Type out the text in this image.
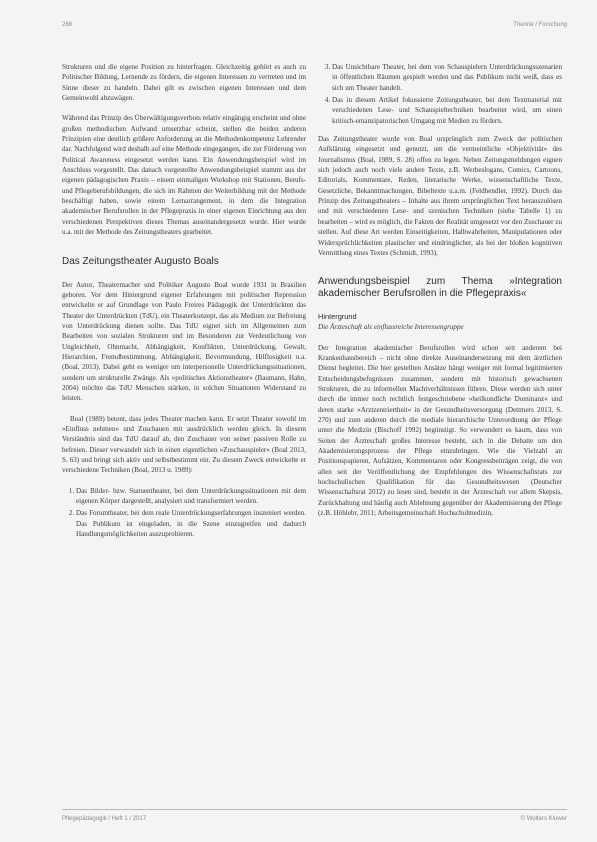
268	Theorie / Forschung

Strukturen und die eigene Position zu hinterfragen. Gleichzeitig gehört es auch zu Politischer Bildung, Lernende zu fördern, die eigenen Interessen zu vertreten und im Sinne dieser zu handeln. Dabei gilt es zwischen eigenen Interessen und dem Gemeinwohl abzuwägen.

Während das Prinzip des Überwältigungsverbots relativ eingängig erscheint und ohne großen methodischen Aufwand umsetzbar scheint, stellen die beiden anderen Prinzipien eine deutlich größere Anforderung an die Methodenkompetenz Lehrender dar. Nachfolgend wird deshalb auf eine Methode eingegangen, die zur Förderung von Political Awareness eingesetzt werden kann. Ein Anwendungsbeispiel wird im Anschluss vorgestellt. Das danach vorgestellte Anwendungsbeispiel stammt aus der eigenen pädagogischen Praxis – einem einmaligen Workshop mit Stationen, Berufs- und Pflegeberufsbildungen, die sich im Rahmen der Weiterbildung mit der Methode beschäftigt haben, sowie einem Lernarrangement, in dem die Integration akademischer Berufsrollen in der Pflegepraxis in einer eigenen Einrichtung aus den verschiedenen Perspektiven dieses Themas auseinandergesetzt wurde. Hier wurde u.a. mit der Methode des Zeitungstheaters gearbeitet.

Das Zeitungstheater Augusto Boals

Der Autor, Theatermacher und Politiker Augusto Boal wurde 1931 in Brasilien geboren. Vor dem Hintergrund eigener Erfahrungen mit politischer Repression entwickelte er auf Grundlage von Paulo Freires Pädagogik der Unterdrückten das Theater der Unterdrückten (TdU), ein Theaterkonzept, das als Medium zur Befreiung von Unterdrückung dienen sollte. Das TdU eignet sich im Allgemeinen zum Bearbeiten von sozialen Strukturen und im Besonderen zur Verdeutlichung von Ungleichheit, Ohnmacht, Abhängigkeit, Konflikten, Unterdrückung, Gewalt, Hierarchien, Fremdbestimmung, Abhängigkeit, Bevormundung, Hilflosigkeit u.a. (Boal, 2013). Dabei geht es weniger um interpersonelle Unterdrückungssituationen, sondern um strukturelle Zwänge. Als »politisches Aktionstheater« (Baumann, Hahn, 2004) möchte das TdU Menschen stärken, in solchen Situationen Widerstand zu leisten.

Boal (1989) betont, dass jedes Theater machen kann. Er setzt Theater sowohl im »Einfluss nehmen« und Zuschauen mit ausdrücklich werden gleich. In diesem Verständnis sind das TdU darauf ab, den Zuschauer von seiner passiven Rolle zu befreien. Dieser verwandelt sich in einen eigentlichen »Zuschauspieler« (Boal 2013, S. 63) und bringt sich aktiv und selbstbestimmt ein. Zu diesem Zweck entwickelte er verschiedene Techniken (Boal, 2013 u. 1989):

1. Das Bilder- bzw. Statuentheater, bei dem Unterdrückungssituationen mit dem eigenen Körper dargestellt, analysiert und transformiert werden.
2. Das Forumtheater, bei dem reale Unterdrückungserfahrungen inszeniert werden. Das Publikum ist eingeladen, in die Szene einzugreifen und dadurch Handlungsmöglichkeiten auszuprobieren.
3. Das Unsichtbare Theater, bei dem von Schauspielern Unterdrückungsszenarien in öffentlichen Räumen gespielt werden und das Publikum nicht weiß, dass es sich um Theater handelt.
4. Das in diesem Artikel fokussierte Zeitungstheater, bei dem Textmaterial mit verschiedenen Lese- und Schauspieltechniken bearbeitet wird, um einen kritisch-emanzipatorischen Umgang mit Medien zu fördern.

Das Zeitungstheater wurde von Boal ursprünglich zum Zweck der politischen Aufklärung eingesetzt und genutzt, um die vermeintliche »Objektivität« des Journalismus (Boal, 1989, S. 28) offen zu legen. Neben Zeitungsmeldungen eignen sich jedoch auch noch viele andere Texte, z.B. Werbeslogans, Comics, Cartoons, Editorials, Kommentare, Reden, literarische Werke, wissenschaftliche Texte, Gesetzliche, Bekanntmachungen, Bibeltexte u.a.m. (Feldhendler, 1992). Durch das Prinzip des Zeitungstheaters – Inhalte aus ihrem ursprünglichen Text herauszulösen und mit verschiedenen Lese- und szenischen Techniken (siehe Tabelle 1) zu bearbeiten – wird es möglich, die Fakten der Realität umgesetzt vor den Zuschauer zu stellen. Auf diese Art werden Einseitigkeiten, Halbwahrheiten, Manipulationen oder Widersprüchlichkeiten plastischer und eindringlicher, als bei der bloßen kognitiven Vermittlung eines Textes (Schmidt, 1993).

Anwendungsbeispiel zum Thema »Integration akademischer Berufsrollen in die Pflegepraxis«
Hintergrund

Die Ärzteschaft als einflussreiche Interessengruppe

Der Integration akademischer Berufsrollen wird schon seit anderem bei Krankenhausbereich – nicht ohne direkte Auseinandersetzung mit dem ärztlichen Dienst begleitet. Die hier gestellten Ansätze hängt weniger mit formal legitimierten Entscheidungsbefugnissen zusammen, sondern mit historisch gewachsenen Strukturen, die zu informellen Machtverhältnissen führen. Diese werden sich unter durch die immer noch rechtlich festgeschriebene »heilkundliche Dominanz« und deren starke »Arztzentriertheit« in der Gesundheitsversorgung (Dettmers 2013, S. 270) und zum anderen durch die mediale hierarchische Unterordnung der Pflege unter die Medizin (Bischoff 1992) begünstigt. So verwundert es kaum, dass von Seiten der Ärzteschaft großes Interesse besteht, sich in die Debatte um den Akademisierungsprozess der Pflege einzubringen. Wie die Vielzahl an Positionspapieren, Aufsätzen, Kommentaren oder Kongressbeiträgen zeigt, die von allen seit der Veröffentlichung der Empfehlungen des Wissenschaftsrats zur hochschulischen Qualifikation für das Gesundheitswesen (Deutscher Wissenschaftsrat 2012) zu lesen sind, besteht in der Ärzteschaft vor allem Skepsis, Zurückhaltung und häufig auch Ablehnung gegenüber der Akademisierung der Pflege (z.B. Höhlebr, 2011; Arbeitsgemeinschaft Hochschulmedizin,

Pflegepädagogik / Heft 1 / 2017	© Wolters Kluwer
